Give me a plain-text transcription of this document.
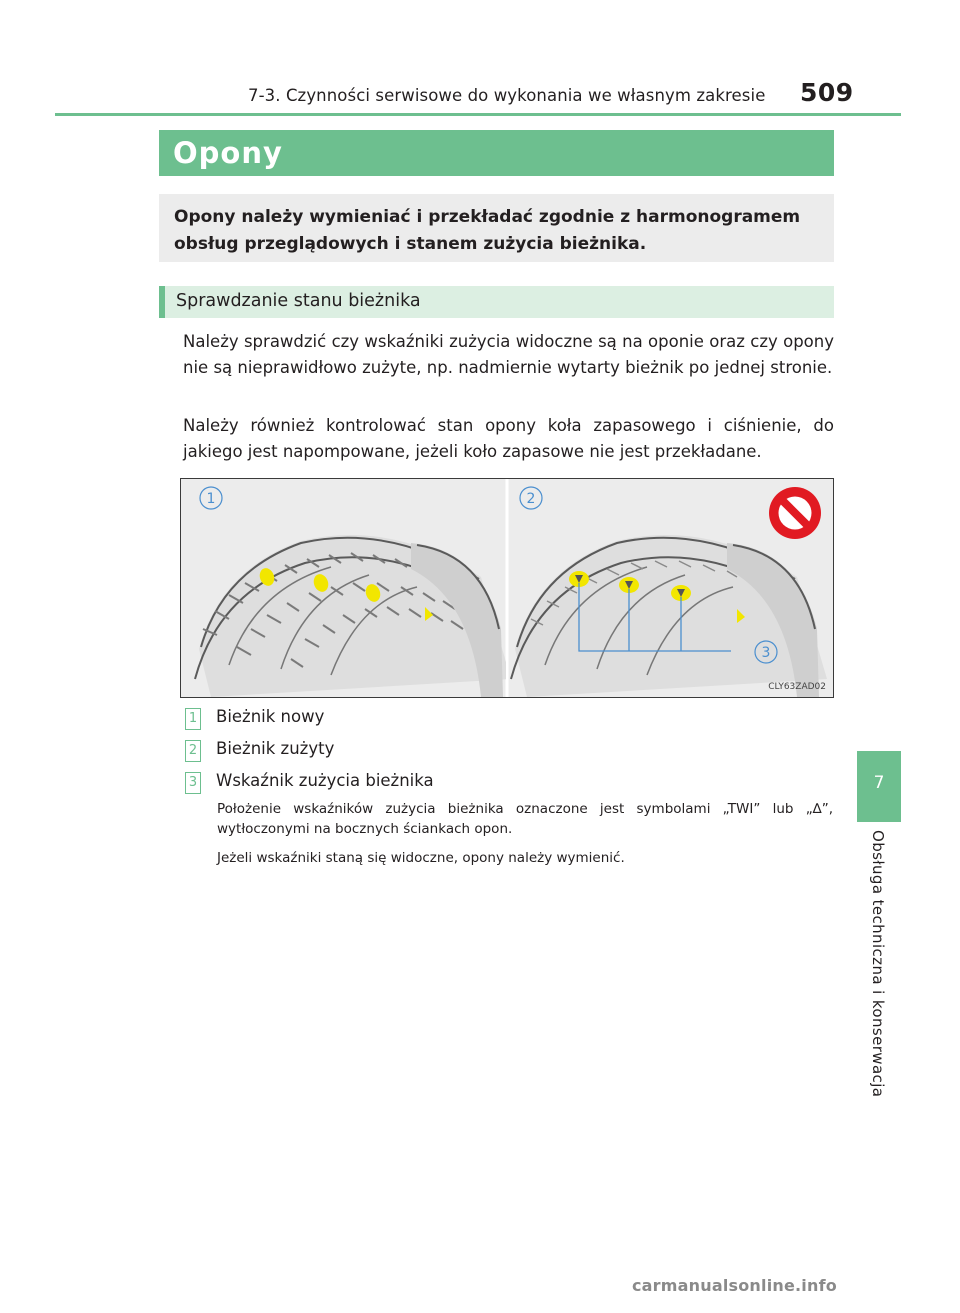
7-3. Czynności serwisowe do wykonania we własnym zakresie 509
Opony
Opony należy wymieniać i przekładać zgodnie z harmonogramem obsług przeglądowych i stanem zużycia bieżnika.
Sprawdzanie stanu bieżnika
Należy sprawdzić czy wskaźniki zużycia widoczne są na oponie oraz czy opony nie są nieprawidłowo zużyte, np. nadmiernie wytarty bieżnik po jednej stronie.
Należy również kontrolować stan opony koła zapasowego i ciśnienie, do jakiego jest napompowane, jeżeli koło zapasowe nie jest przekładane.
1	2
3
CLY63ZAD02
1 Bieżnik nowy
2 Bieżnik zużyty
3 Wskaźnik zużycia bieżnika
Położenie wskaźników zużycia bieżnika oznaczone jest symbolami „TWI” lub „∆”, wytłoczonymi na bocznych ściankach opon.
Jeżeli wskaźniki staną się widoczne, opony należy wymienić.
7
Obsługa techniczna i konserwacja
carmanualsonline.info
